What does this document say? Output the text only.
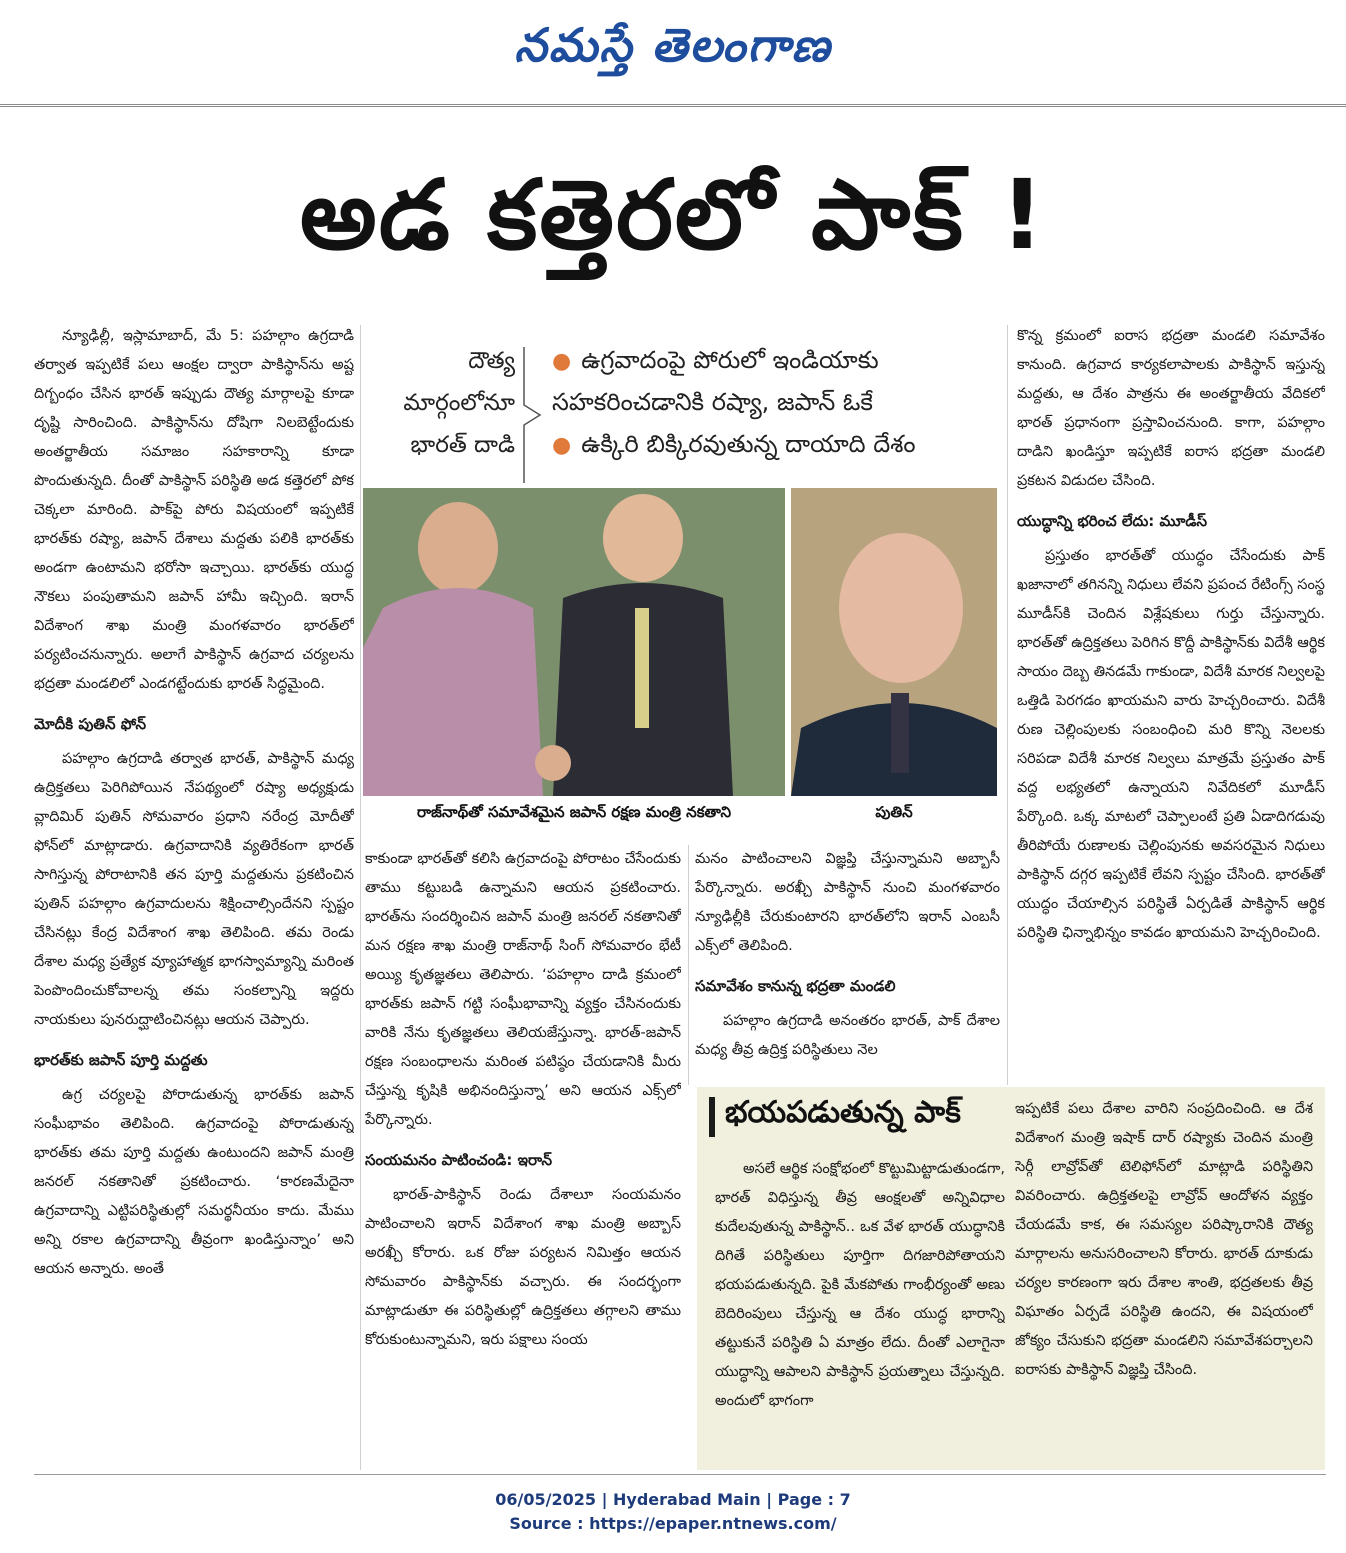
నమస్తే తెలంగాణ
అడ కత్తెరలో పాక్ !

న్యూఢిల్లీ, ఇస్లామాబాద్, మే 5: పహల్గాం ఉగ్రదాడి తర్వాత ఇప్పటికే పలు ఆంక్షల ద్వారా పాకిస్థాన్‌ను అష్ట దిగ్బంధం చేసిన భారత్ ఇప్పుడు దౌత్య మార్గాలపై కూడా దృష్టి సారించింది. పాకిస్థాన్‌ను దోషిగా నిలబెట్టేందుకు అంతర్జాతీయ సమాజం సహకారాన్ని కూడా పొందుతున్నది. దీంతో పాకిస్థాన్ పరిస్థితి అడ కత్తెరలో పోక చెక్కలా మారింది. పాక్‌పై పోరు విషయంలో ఇప్పటికే భారత్‌కు రష్యా, జపాన్ దేశాలు మద్దతు పలికి భారత్‌కు అండగా ఉంటామని భరోసా ఇచ్చాయి. భారత్‌కు యుద్ధ నౌకలు పంపుతామని జపాన్ హామీ ఇచ్చింది. ఇరాన్ విదేశాంగ శాఖ మంత్రి మంగళవారం భారత్‌లో పర్యటించనున్నారు. అలాగే పాకిస్థాన్ ఉగ్రవాద చర్యలను భద్రతా మండలిలో ఎండగట్టేందుకు భారత్ సిద్ధమైంది.

మోదీకి పుతిన్ ఫోన్

పహల్గాం ఉగ్రదాడి తర్వాత భారత్, పాకిస్థాన్ మధ్య ఉద్రిక్తతలు పెరిగిపోయిన నేపథ్యంలో రష్యా అధ్యక్షుడు వ్లాదిమిర్ పుతిన్ సోమవారం ప్రధాని నరేంద్ర మోదీతో ఫోన్‌లో మాట్లాడారు. ఉగ్రవాదానికి వ్యతిరేకంగా భారత్ సాగిస్తున్న పోరాటానికి తన పూర్తి మద్దతును ప్రకటించిన పుతిన్ పహల్గాం ఉగ్రవాదులను శిక్షించాల్సిందేనని స్పష్టం చేసినట్లు కేంద్ర విదేశాంగ శాఖ తెలిపింది. తమ రెండు దేశాల మధ్య ప్రత్యేక వ్యూహాత్మక భాగస్వామ్యాన్ని మరింత పెంపొందించుకోవాలన్న తమ సంకల్పాన్ని ఇద్దరు నాయకులు పునరుద్ఘాటించినట్లు ఆయన చెప్పారు.

భారత్‌కు జపాన్ పూర్తి మద్దతు

ఉగ్ర చర్యలపై పోరాడుతున్న భారత్‌కు జపాన్ సంఘీభావం తెలిపింది. ఉగ్రవాదంపై పోరాడుతున్న భారత్‌కు తమ పూర్తి మద్దతు ఉంటుందని జపాన్ మంత్రి జనరల్ నకతానితో ప్రకటించారు. ‘కారణమేదైనా ఉగ్రవాదాన్ని ఎట్టిపరిస్థితుల్లో సమర్థనీయం కాదు. మేము అన్ని రకాల ఉగ్రవాదాన్ని తీవ్రంగా ఖండిస్తున్నాం’ అని ఆయన అన్నారు. అంతే

దౌత్య
మార్గంలోనూ
భారత్ దాడి
● ఉగ్రవాదంపై పోరులో ఇండియాకు సహకరించడానికి రష్యా, జపాన్ ఓకే
● ఉక్కిరి బిక్కిరవుతున్న దాయాది దేశం
రాజ్‌నాథ్‌తో సమావేశమైన జపాన్ రక్షణ మంత్రి నకతాని	పుతిన్

కాకుండా భారత్‌తో కలిసి ఉగ్రవాదంపై పోరాటం చేసేందుకు తాము కట్టుబడి ఉన్నామని ఆయన ప్రకటించారు. భారత్‌ను సందర్శించిన జపాన్ మంత్రి జనరల్ నకతానితో మన రక్షణ శాఖ మంత్రి రాజ్‌నాథ్ సింగ్ సోమవారం భేటీ అయ్యి కృతజ్ఞతలు తెలిపారు. ‘పహల్గాం దాడి క్రమంలో భారత్‌కు జపాన్ గట్టి సంఘీభావాన్ని వ్యక్తం చేసినందుకు వారికి నేను కృతజ్ఞతలు తెలియజేస్తున్నా. భారత్-జపాన్ రక్షణ సంబంధాలను మరింత పటిష్ఠం చేయడానికి మీరు చేస్తున్న కృషికి అభినందిస్తున్నా’ అని ఆయన ఎక్స్‌లో పేర్కొన్నారు.

సంయమనం పాటించండి: ఇరాన్

భారత్-పాకిస్థాన్ రెండు దేశాలూ సంయమనం పాటించాలని ఇరాన్ విదేశాంగ శాఖ మంత్రి అబ్బాస్ అరఖ్చీ కోరారు. ఒక రోజు పర్యటన నిమిత్తం ఆయన సోమవారం పాకిస్థాన్‌కు వచ్చారు. ఈ సందర్భంగా మాట్లాడుతూ ఈ పరిస్థితుల్లో ఉద్రిక్తతలు తగ్గాలని తాము కోరుకుంటున్నామని, ఇరు పక్షాలు సంయ

మనం పాటించాలని విజ్ఞప్తి చేస్తున్నామని అబ్బాసీ పేర్కొన్నారు. అరఖ్చీ పాకిస్థాన్ నుంచి మంగళవారం న్యూఢిల్లీకి చేరుకుంటారని భారత్‌లోని ఇరాన్ ఎంబసీ ఎక్స్‌లో తెలిపింది.

సమావేశం కానున్న భద్రతా మండలి

పహల్గాం ఉగ్రదాడి అనంతరం భారత్, పాక్ దేశాల మధ్య తీవ్ర ఉద్రిక్త పరిస్థితులు నెల

కొన్న క్రమంలో ఐరాస భద్రతా మండలి సమావేశం కానుంది. ఉగ్రవాద కార్యకలాపాలకు పాకిస్థాన్ ఇస్తున్న మద్దతు, ఆ దేశం పాత్రను ఈ అంతర్జాతీయ వేదికలో భారత్ ప్రధానంగా ప్రస్తావించనుంది. కాగా, పహల్గాం దాడిని ఖండిస్తూ ఇప్పటికే ఐరాస భద్రతా మండలి ప్రకటన విడుదల చేసింది.

యుద్ధాన్ని భరించ లేదు: మూడీస్

ప్రస్తుతం భారత్‌తో యుద్ధం చేసేందుకు పాక్ ఖజానాలో తగినన్ని నిధులు లేవని ప్రపంచ రేటింగ్స్ సంస్థ మూడీస్‌కి చెందిన విశ్లేషకులు గుర్తు చేస్తున్నారు. భారత్‌తో ఉద్రిక్తతలు పెరిగిన కొద్దీ పాకిస్థాన్‌కు విదేశీ ఆర్థిక సాయం దెబ్బ తినడమే గాకుండా, విదేశీ మారక నిల్వలపై ఒత్తిడి పెరగడం ఖాయమని వారు హెచ్చరించారు. విదేశీ రుణ చెల్లింపులకు సంబంధించి మరి కొన్ని నెలలకు సరిపడా విదేశీ మారక నిల్వలు మాత్రమే ప్రస్తుతం పాక్ వద్ద లభ్యతలో ఉన్నాయని నివేదికలో మూడీస్ పేర్కొంది. ఒక్క మాటలో చెప్పాలంటే ప్రతి ఏడాదిగడువు తీరిపోయే రుణాలకు చెల్లింపునకు అవసరమైన నిధులు పాకిస్థాన్ దగ్గర ఇప్పటికే లేవని స్పష్టం చేసింది. భారత్‌తో యుద్ధం చేయాల్సిన పరిస్థితే ఏర్పడితే పాకిస్థాన్ ఆర్థిక పరిస్థితి ఛిన్నాభిన్నం కావడం ఖాయమని హెచ్చరించింది.

భయపడుతున్న పాక్

అసలే ఆర్థిక సంక్షోభంలో కొట్టుమిట్టాడుతుండగా, భారత్ విధిస్తున్న తీవ్ర ఆంక్షలతో అన్నివిధాల కుదేలవుతున్న పాకిస్థాన్.. ఒక వేళ భారత్ యుద్ధానికి దిగితే పరిస్థితులు పూర్తిగా దిగజారిపోతాయని భయపడుతున్నది. పైకి మేకపోతు గాంభీర్యంతో అణు బెదిరింపులు చేస్తున్న ఆ దేశం యుద్ధ భారాన్ని తట్టుకునే పరిస్థితి ఏ మాత్రం లేదు. దీంతో ఎలాగైనా యుద్ధాన్ని ఆపాలని పాకిస్థాన్ ప్రయత్నాలు చేస్తున్నది. అందులో భాగంగా

ఇప్పటికే పలు దేశాల వారిని సంప్రదించింది. ఆ దేశ విదేశాంగ మంత్రి ఇషాక్ దార్ రష్యాకు చెందిన మంత్రి సెర్గీ లావ్రోవ్‌తో టెలిఫోన్‌లో మాట్లాడి పరిస్థితిని వివరించారు. ఉద్రిక్తతలపై లావ్రోవ్ ఆందోళన వ్యక్తం చేయడమే కాక, ఈ సమస్యల పరిష్కారానికి దౌత్య మార్గాలను అనుసరించాలని కోరారు. భారత్ దూకుడు చర్యల కారణంగా ఇరు దేశాల శాంతి, భద్రతలకు తీవ్ర విఘాతం ఏర్పడే పరిస్థితి ఉందని, ఈ విషయంలో జోక్యం చేసుకుని భద్రతా మండలిని సమావేశపర్చాలని ఐరాసకు పాకిస్థాన్ విజ్ఞప్తి చేసింది.

06/05/2025 | Hyderabad Main | Page : 7
Source : https://epaper.ntnews.com/
